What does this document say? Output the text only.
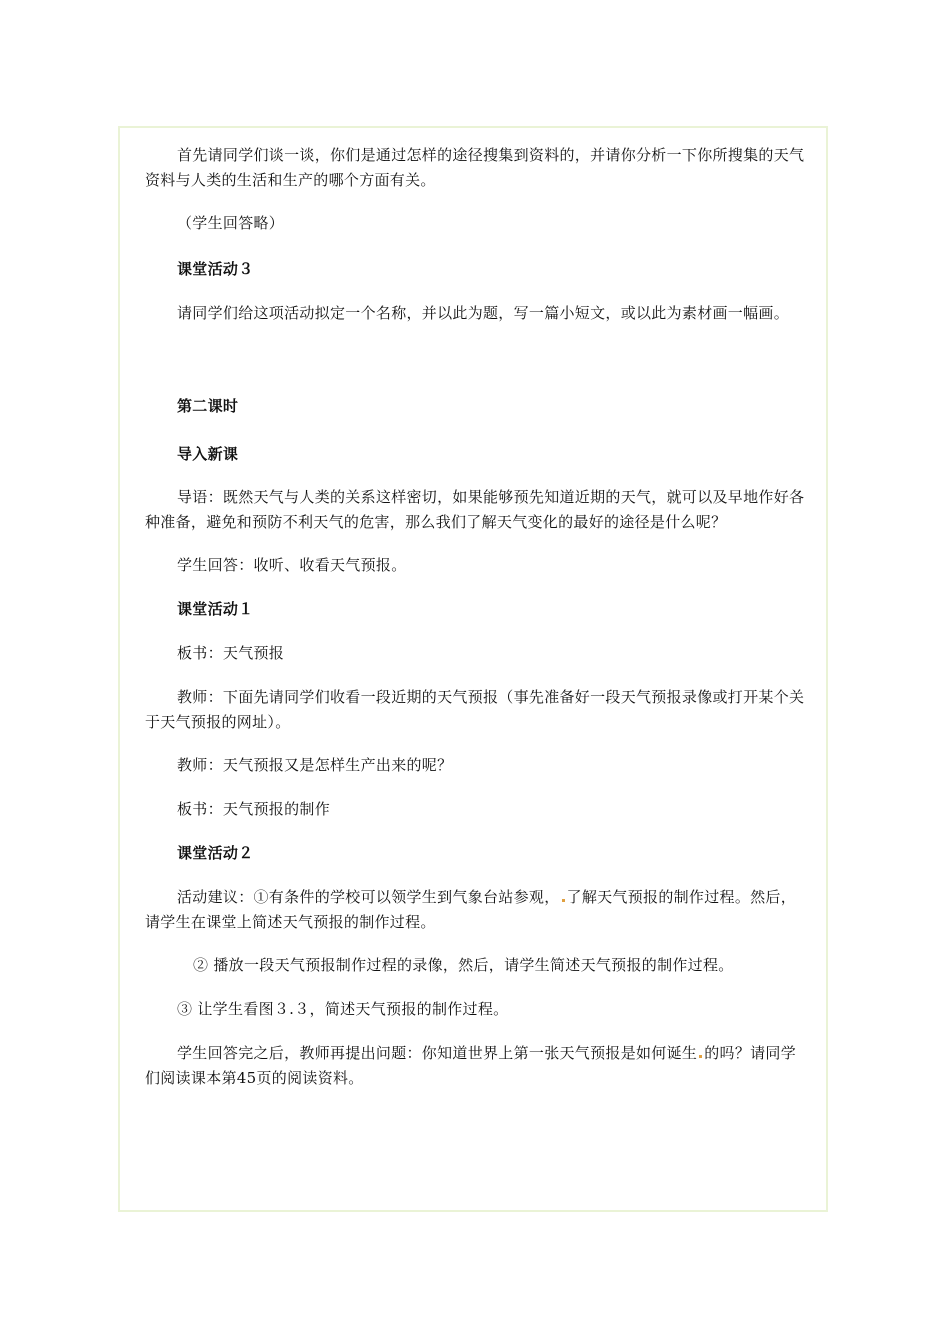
首先请同学们谈一谈，你们是通过怎样的途径搜集到资料的，并请你分析一下你所搜集的天气资料与人类的生活和生产的哪个方面有关。

（学生回答略）

课堂活动３

请同学们给这项活动拟定一个名称，并以此为题，写一篇小短文，或以此为素材画一幅画。

第二课时

导入新课

导语：既然天气与人类的关系这样密切，如果能够预先知道近期的天气，就可以及早地作好各种准备，避免和预防不利天气的危害，那么我们了解天气变化的最好的途径是什么呢？

学生回答：收听、收看天气预报。

课堂活动１

板书：天气预报

教师：下面先请同学们收看一段近期的天气预报（事先准备好一段天气预报录像或打开某个关于天气预报的网址）。

教师：天气预报又是怎样生产出来的呢？

板书：天气预报的制作

课堂活动２

活动建议：①有条件的学校可以领学生到气象台站参观， 了解天气预报的制作过程。然后，请学生在课堂上简述天气预报的制作过程。

② 播放一段天气预报制作过程的录像，然后，请学生简述天气预报的制作过程。

③ 让学生看图３.３，简述天气预报的制作过程。

学生回答完之后，教师再提出问题：你知道世界上第一张天气预报是如何诞生 的吗？请同学们阅读课本第45页的阅读资料。
